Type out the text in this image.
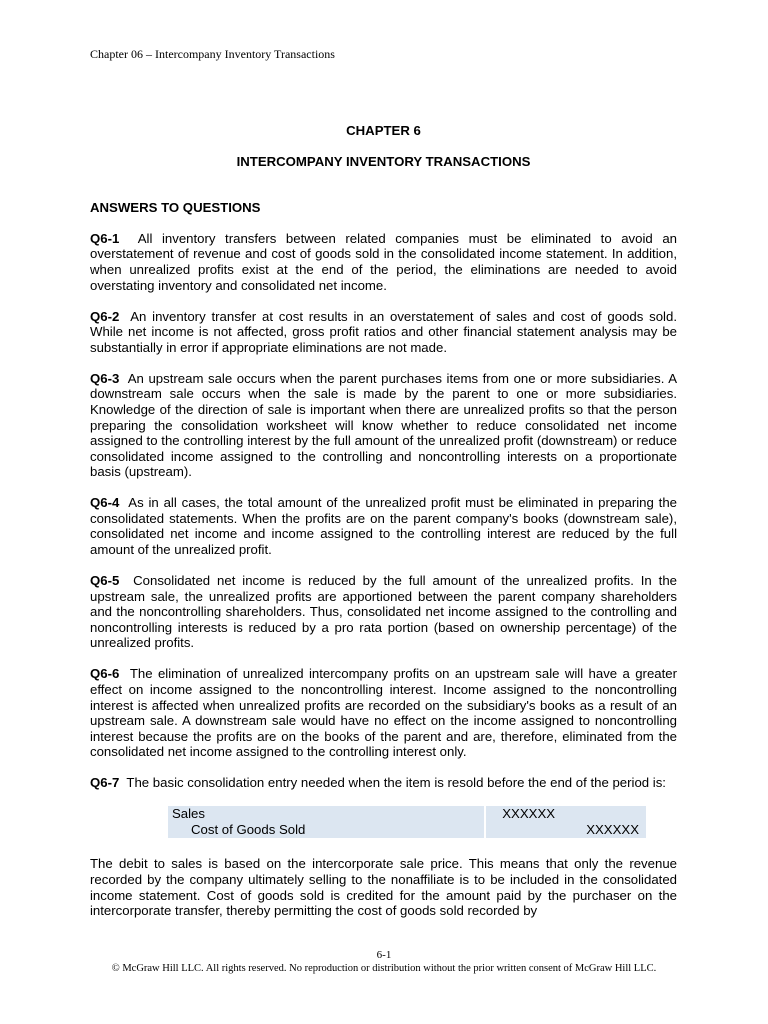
Chapter 06 – Intercompany Inventory Transactions

CHAPTER 6

INTERCOMPANY INVENTORY TRANSACTIONS

ANSWERS TO QUESTIONS

Q6-1 All inventory transfers between related companies must be eliminated to avoid an overstatement of revenue and cost of goods sold in the consolidated income statement. In addition, when unrealized profits exist at the end of the period, the eliminations are needed to avoid overstating inventory and consolidated net income.

Q6-2 An inventory transfer at cost results in an overstatement of sales and cost of goods sold. While net income is not affected, gross profit ratios and other financial statement analysis may be substantially in error if appropriate eliminations are not made.

Q6-3 An upstream sale occurs when the parent purchases items from one or more subsidiaries. A downstream sale occurs when the sale is made by the parent to one or more subsidiaries. Knowledge of the direction of sale is important when there are unrealized profits so that the person preparing the consolidation worksheet will know whether to reduce consolidated net income assigned to the controlling interest by the full amount of the unrealized profit (downstream) or reduce consolidated income assigned to the controlling and noncontrolling interests on a proportionate basis (upstream).

Q6-4 As in all cases, the total amount of the unrealized profit must be eliminated in preparing the consolidated statements. When the profits are on the parent company's books (downstream sale), consolidated net income and income assigned to the controlling interest are reduced by the full amount of the unrealized profit.

Q6-5 Consolidated net income is reduced by the full amount of the unrealized profits. In the upstream sale, the unrealized profits are apportioned between the parent company shareholders and the noncontrolling shareholders. Thus, consolidated net income assigned to the controlling and noncontrolling interests is reduced by a pro rata portion (based on ownership percentage) of the unrealized profits.

Q6-6 The elimination of unrealized intercompany profits on an upstream sale will have a greater effect on income assigned to the noncontrolling interest. Income assigned to the noncontrolling interest is affected when unrealized profits are recorded on the subsidiary's books as a result of an upstream sale. A downstream sale would have no effect on the income assigned to noncontrolling interest because the profits are on the books of the parent and are, therefore, eliminated from the consolidated net income assigned to the controlling interest only.

Q6-7 The basic consolidation entry needed when the item is resold before the end of the period is:

Sales	XXXXXX	
Cost of Goods Sold		XXXXXX

The debit to sales is based on the intercorporate sale price. This means that only the revenue recorded by the company ultimately selling to the nonaffiliate is to be included in the consolidated income statement. Cost of goods sold is credited for the amount paid by the purchaser on the intercorporate transfer, thereby permitting the cost of goods sold recorded by

6-1
© McGraw Hill LLC. All rights reserved. No reproduction or distribution without the prior written consent of McGraw Hill LLC.
